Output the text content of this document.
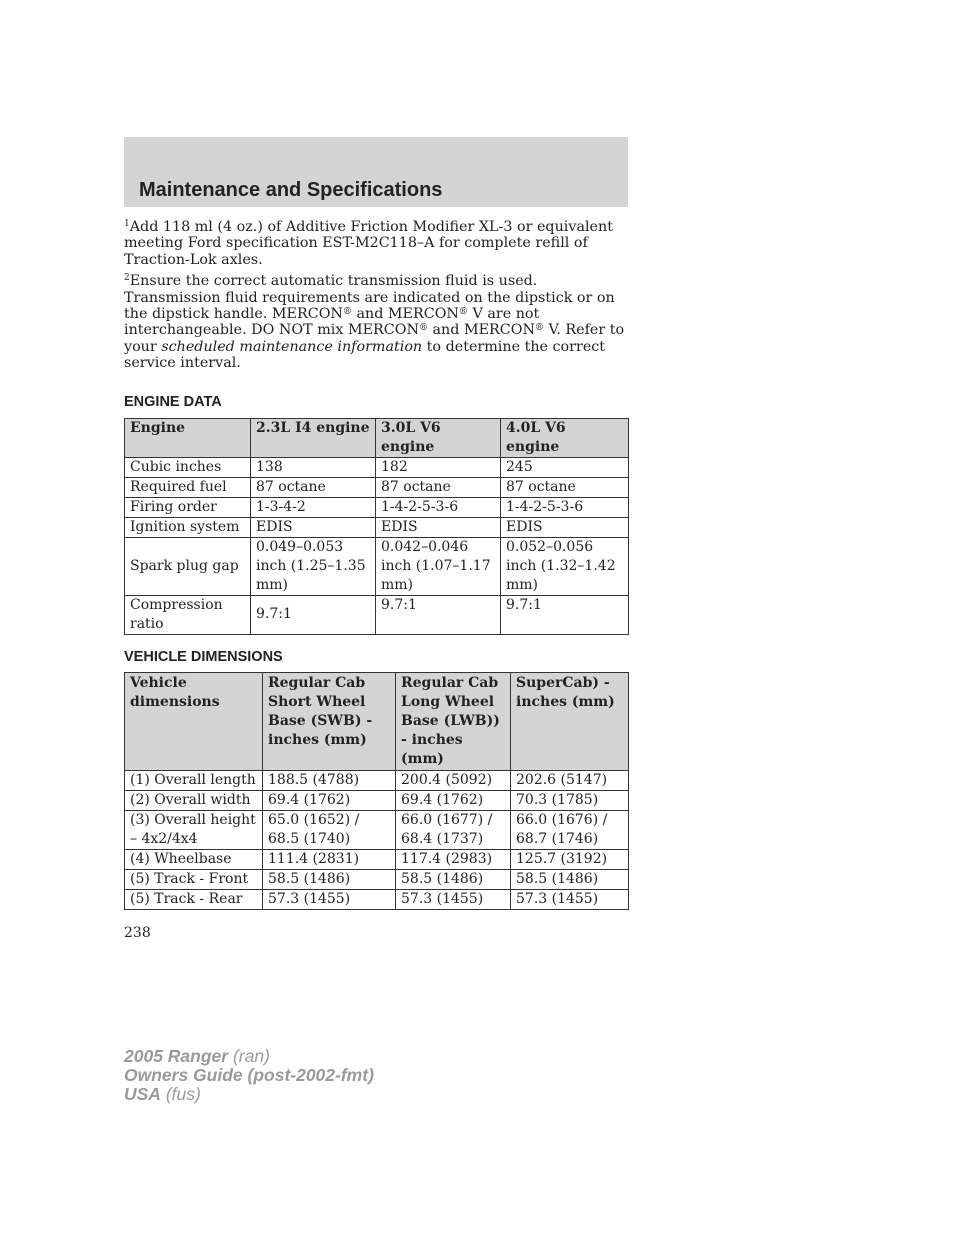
Maintenance and Specifications

$^1$Add 118 ml (4 oz.) of Additive Friction Modifier XL-3 or equivalent meeting Ford specification EST-M2C118–A for complete refill of Traction-Lok axles.

$^2$Ensure the correct automatic transmission fluid is used. Transmission fluid requirements are indicated on the dipstick or on the dipstick handle. MERCON® and MERCON® V are not interchangeable. DO NOT mix MERCON® and MERCON® V. Refer to your scheduled maintenance information to determine the correct service interval.

ENGINE DATA
Engine	2.3L I4 engine	3.0L V6 engine	4.0L V6 engine
Cubic inches	138	182	245
Required fuel	87 octane	87 octane	87 octane
Firing order	1-3-4-2	1-4-2-5-3-6	1-4-2-5-3-6
Ignition system	EDIS	EDIS	EDIS
Spark plug gap	0.049–0.053 inch (1.25–1.35 mm)	0.042–0.046 inch (1.07–1.17 mm)	0.052–0.056 inch (1.32–1.42 mm)
Compression ratio	9.7:1	9.7:1	9.7:1
VEHICLE DIMENSIONS
Vehicle dimensions	Regular Cab Short Wheel Base (SWB) - inches (mm)	Regular Cab Long Wheel Base (LWB)) - inches (mm)	SuperCab) - inches (mm)
(1) Overall length	188.5 (4788)	200.4 (5092)	202.6 (5147)
(2) Overall width	69.4 (1762)	69.4 (1762)	70.3 (1785)
(3) Overall height – 4x2/4x4	65.0 (1652) / 68.5 (1740)	66.0 (1677) / 68.4 (1737)	66.0 (1676) / 68.7 (1746)
(4) Wheelbase	111.4 (2831)	117.4 (2983)	125.7 (3192)
(5) Track - Front	58.5 (1486)	58.5 (1486)	58.5 (1486)
(5) Track - Rear	57.3 (1455)	57.3 (1455)	57.3 (1455)
238
2005 Ranger (ran)
Owners Guide (post-2002-fmt)
USA (fus)
